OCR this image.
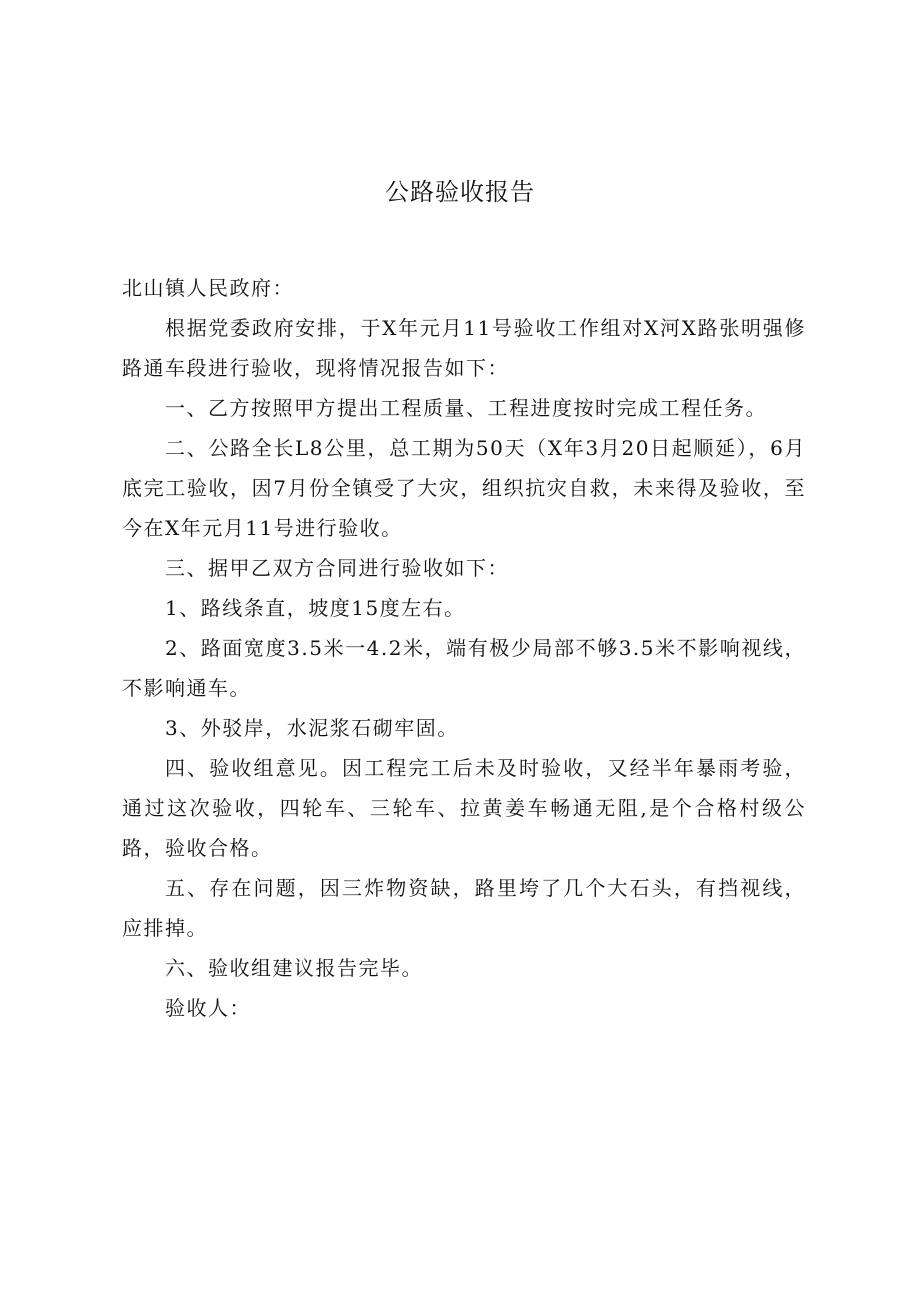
公路验收报告

北山镇人民政府：

根据党委政府安排，于X年元月11号验收工作组对X河X路张明强修路通车段进行验收，现将情况报告如下：

一、乙方按照甲方提出工程质量、工程进度按时完成工程任务。

二、公路全长L8公里，总工期为50天（X年3月20日起顺延），6月底完工验收，因7月份全镇受了大灾，组织抗灾自救，未来得及验收，至今在X年元月11号进行验收。

三、据甲乙双方合同进行验收如下：

1、路线条直，坡度15度左右。

2、路面宽度3.5米一4.2米，端有极少局部不够3.5米不影响视线，不影响通车。

3、外驳岸，水泥浆石砌牢固。

四、验收组意见。因工程完工后未及时验收，又经半年暴雨考验，通过这次验收，四轮车、三轮车、拉黄姜车畅通无阻,是个合格村级公路，验收合格。

五、存在问题，因三炸物资缺，路里垮了几个大石头，有挡视线，应排掉。

六、验收组建议报告完毕。

验收人：
